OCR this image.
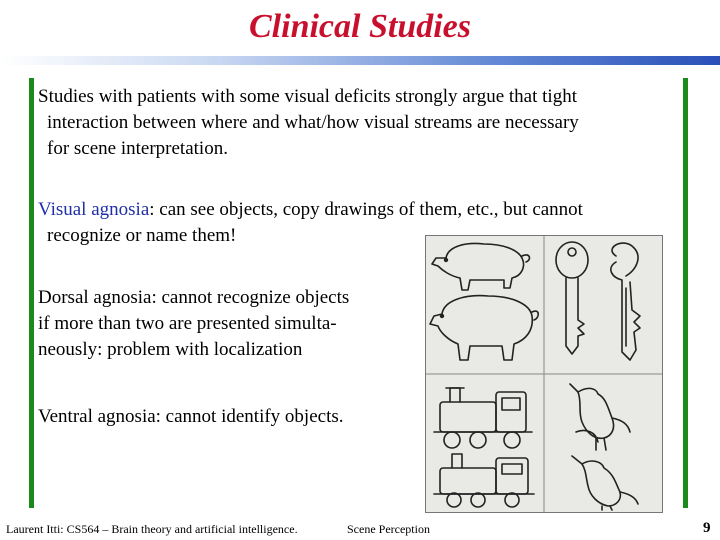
Clinical Studies
Studies with patients with some visual deficits strongly argue that tight
interaction between where and what/how visual streams are necessary
for scene interpretation.
Visual agnosia: can see objects, copy drawings of them, etc., but cannot
recognize or name them!
Dorsal agnosia: cannot recognize objects
if more than two are presented simulta-
neously: problem with localization
Ventral agnosia: cannot identify objects.
Laurent Itti: CS564 – Brain theory and artificial intelligence.	Scene Perception	9
